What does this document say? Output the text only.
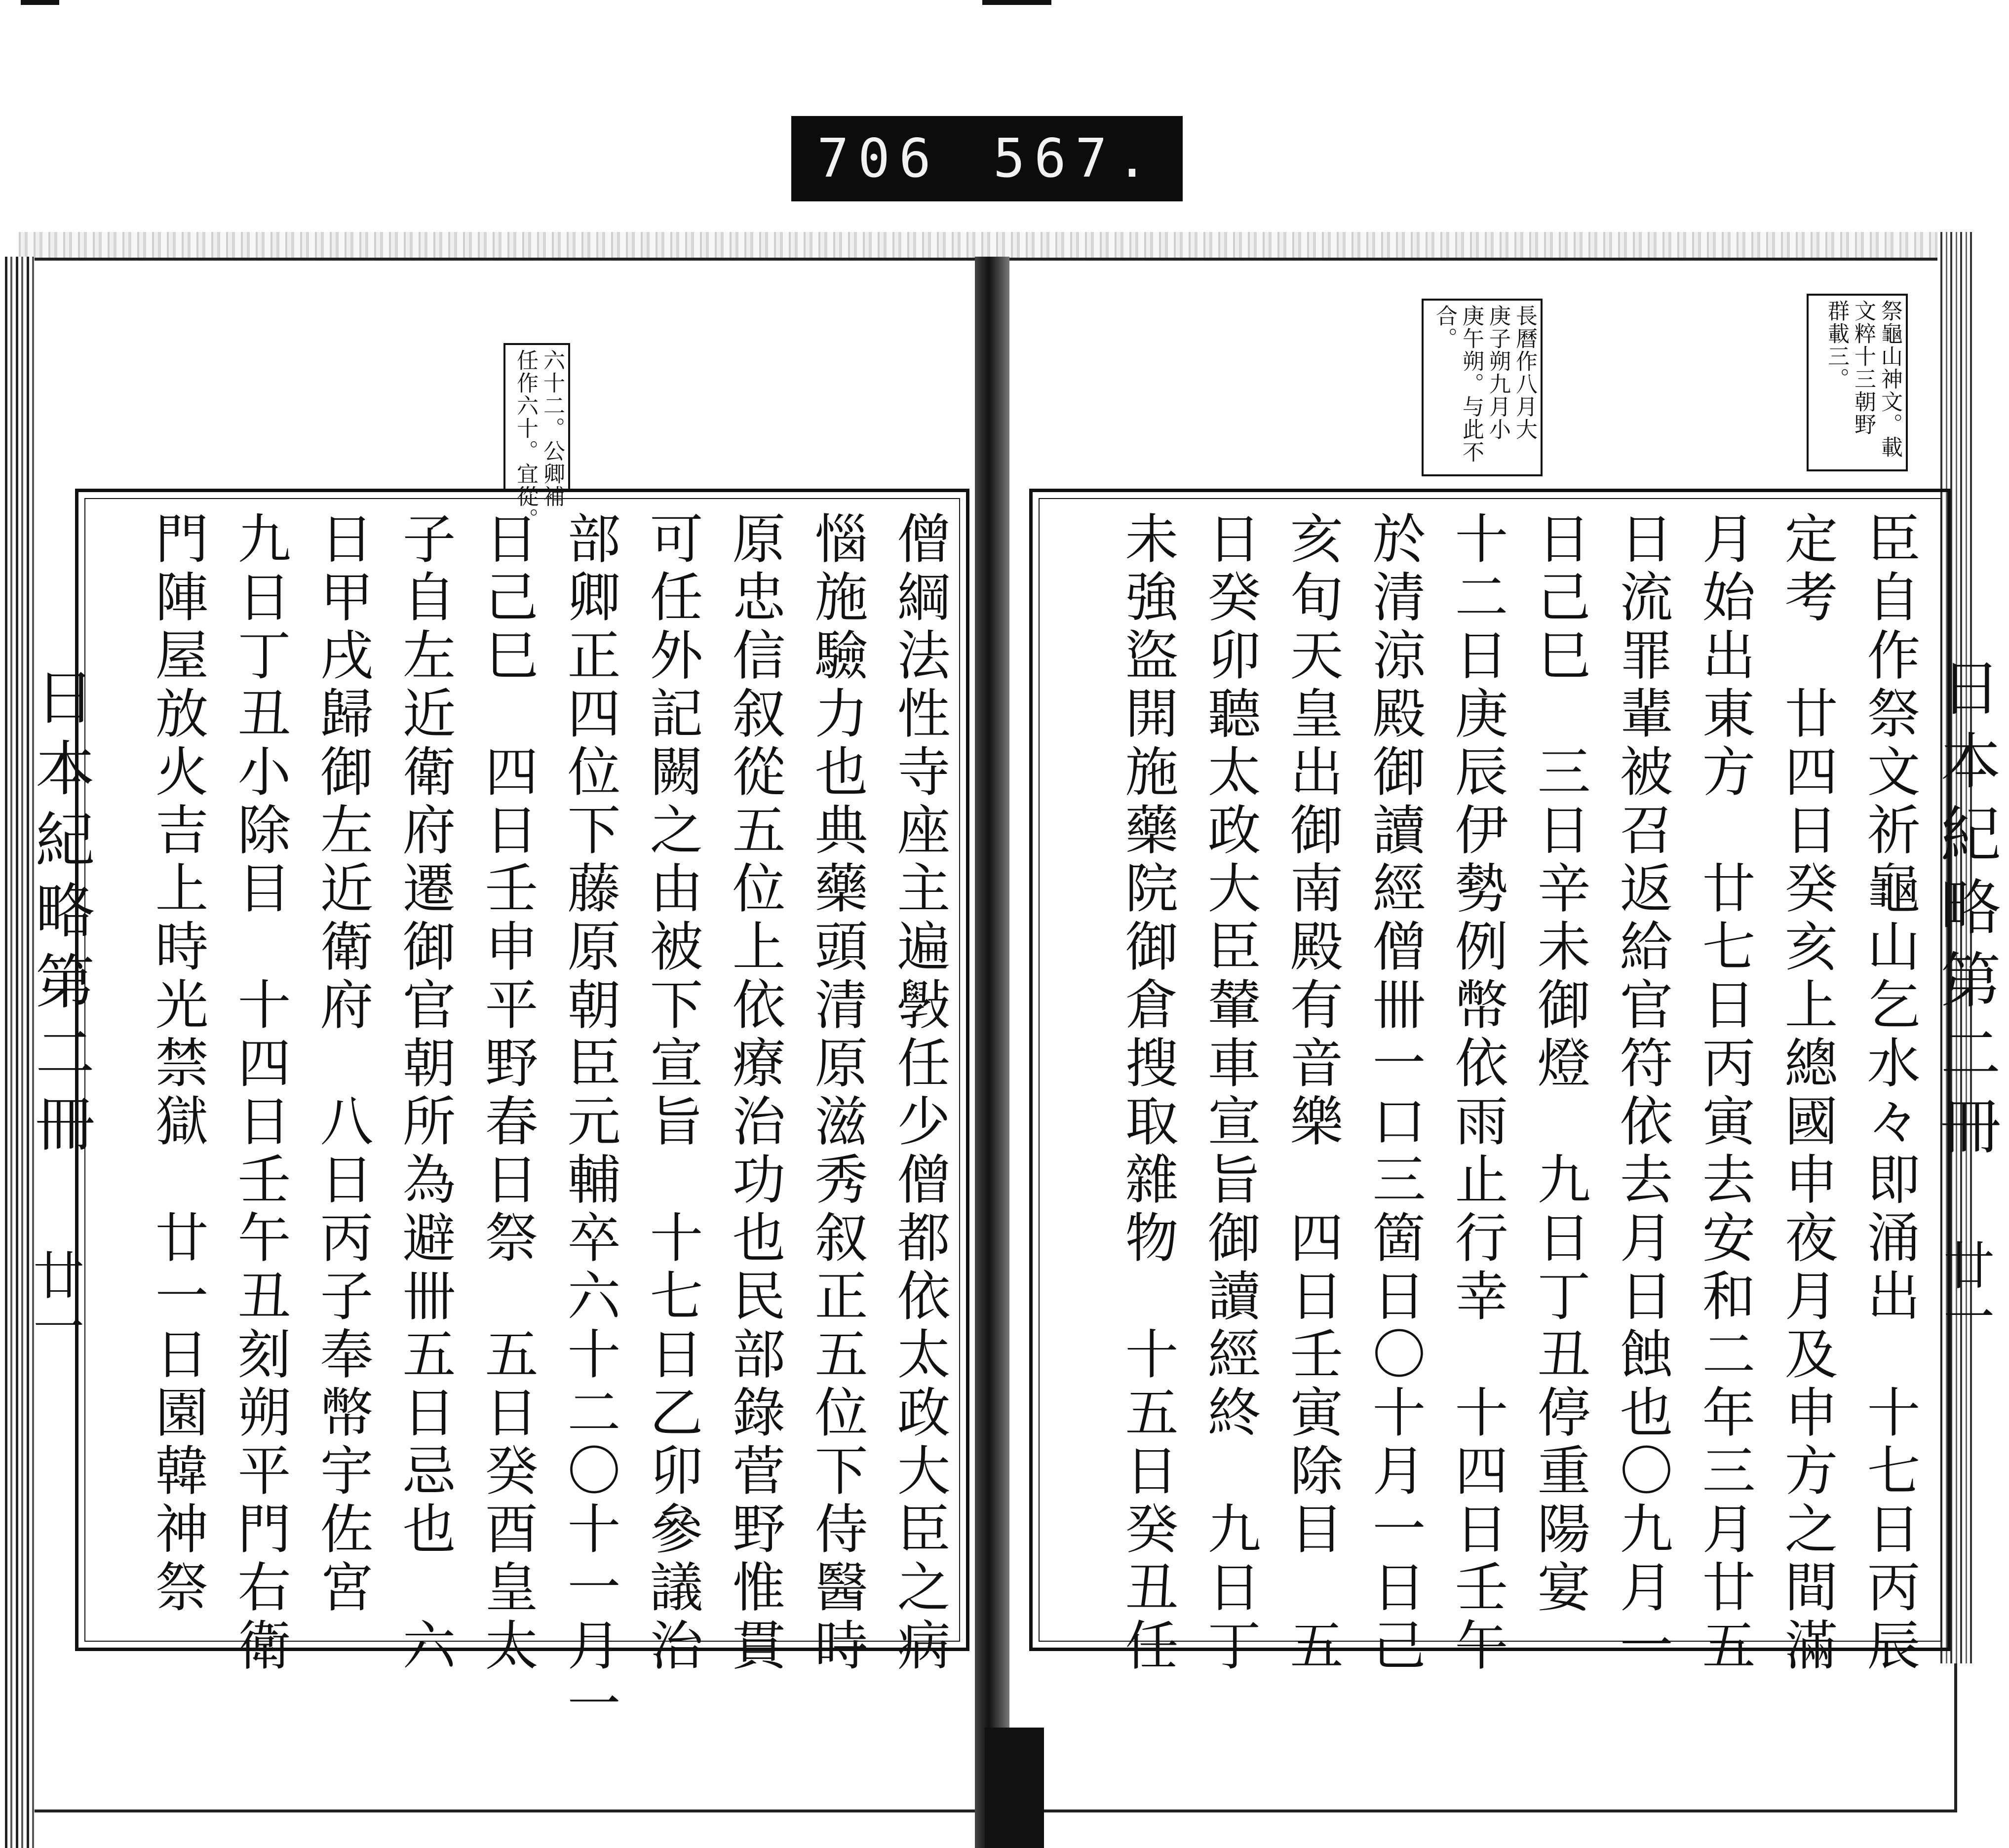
706 567.
六十二。公卿補
任作六十。宜從。	長曆作八月大
庚子朔九月小
庚午朔。与此不
合。	祭龜山神文。載
文粹十三朝野
群載三。
日本紀略第二冊
廿一
日本紀略第二冊
廿一	臣自作祭文祈龜山乞水々即涌出　十七日丙辰
定考　廿四日癸亥上總國申夜月及申方之間滿
月始出東方　廿七日丙寅去安和二年三月廿五
日流罪輩被召返給官符依去月日蝕也〇九月一
日己巳　三日辛未御燈　九日丁丑停重陽宴
十二日庚辰伊勢例幣依雨止行幸　十四日壬午
於清涼殿御讀經僧卌一口三箇日〇十月一日己
亥旬天皇出御南殿有音樂　四日壬寅除目　五
日癸卯聽太政大臣輦車宣旨御讀經終　九日丁
未強盜開施藥院御倉搜取雜物　十五日癸丑任
僧綱法性寺座主遍斅任少僧都依太政大臣之病
惱施驗力也典藥頭清原滋秀叙正五位下侍醫時
原忠信叙從五位上依療治功也民部錄菅野惟貫
可任外記闕之由被下宣旨　十七日乙卯參議治
部卿正四位下藤原朝臣元輔卒六十二〇十一月一
日己巳　四日壬申平野春日祭　五日癸酉皇太
子自左近衛府遷御官朝所為避卌五日忌也　六
日甲戌歸御左近衛府　八日丙子奉幣宇佐宮
九日丁丑小除目　十四日壬午丑刻朔平門右衛
門陣屋放火吉上時光禁獄　廿一日園韓神祭
